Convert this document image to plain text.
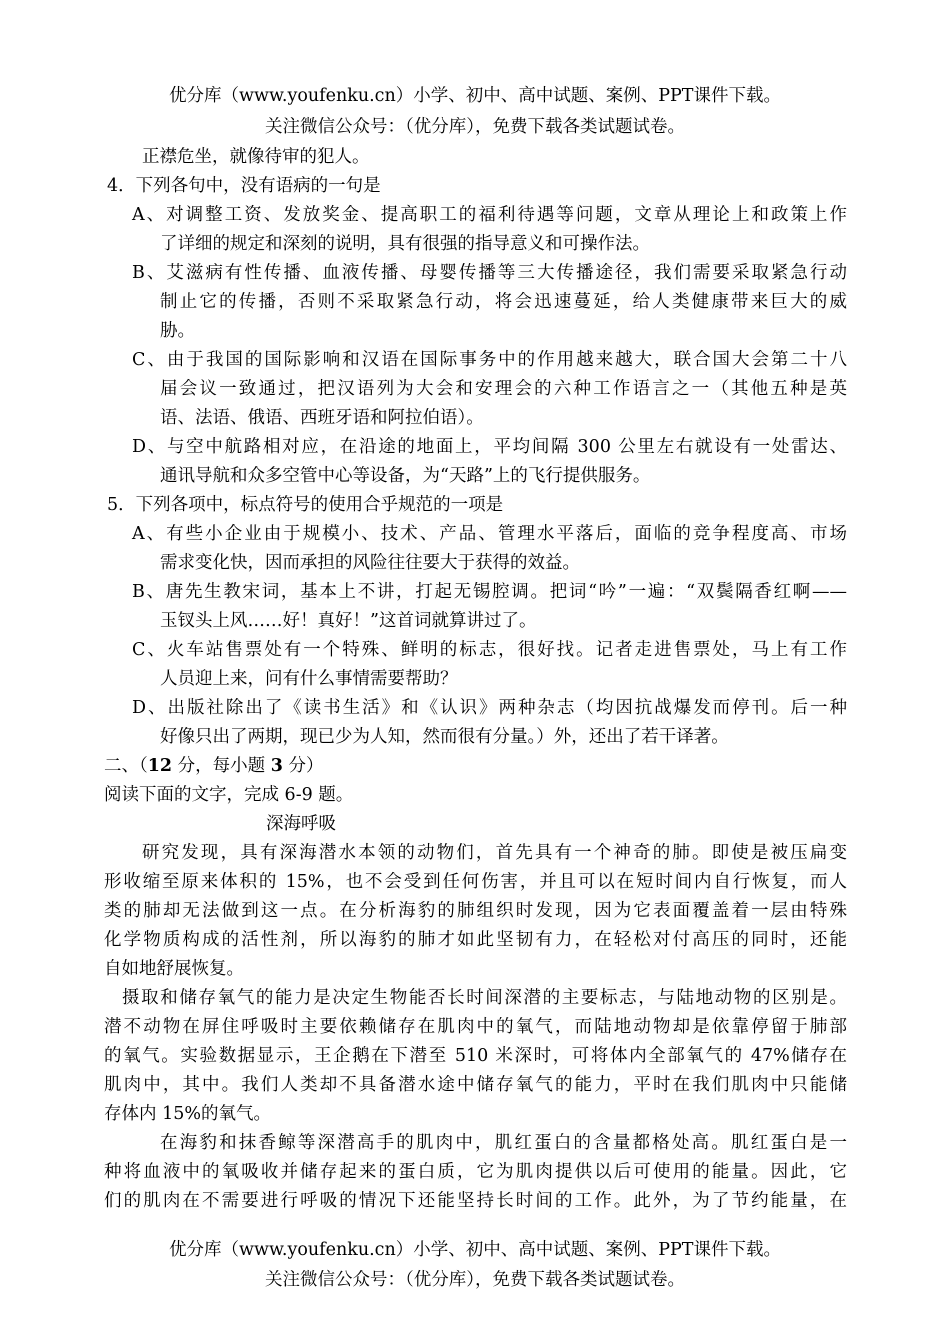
优分库（www.youfenku.cn）小学、初中、高中试题、案例、PPT课件下载。
关注微信公众号：（优分库），免费下载各类试题试卷。
正襟危坐，就像待审的犯人。
4．下列各句中，没有语病的一句是
A、对调整工资、发放奖金、提高职工的福利待遇等问题，文章从理论上和政策上作
了详细的规定和深刻的说明，具有很强的指导意义和可操作法。
B、艾滋病有性传播、血液传播、母婴传播等三大传播途径，我们需要采取紧急行动
制止它的传播，否则不采取紧急行动，将会迅速蔓延，给人类健康带来巨大的威
胁。
C、由于我国的国际影响和汉语在国际事务中的作用越来越大，联合国大会第二十八
届会议一致通过，把汉语列为大会和安理会的六种工作语言之一（其他五种是英
语、法语、俄语、西班牙语和阿拉伯语）。
D、与空中航路相对应，在沿途的地面上，平均间隔 300 公里左右就设有一处雷达、
通讯导航和众多空管中心等设备，为“天路”上的飞行提供服务。
5．下列各项中，标点符号的使用合乎规范的一项是
A、有些小企业由于规模小、技术、产品、管理水平落后，面临的竞争程度高、市场
需求变化快，因而承担的风险往往要大于获得的效益。
B、唐先生教宋词，基本上不讲，打起无锡腔调。把词“吟”一遍：“双鬓隔香红啊——
玉钗头上风……好！真好！”这首词就算讲过了。
C、火车站售票处有一个特殊、鲜明的标志，很好找。记者走进售票处，马上有工作
人员迎上来，问有什么事情需要帮助？
D、出版社除出了《读书生活》和《认识》两种杂志（均因抗战爆发而停刊。后一种
好像只出了两期，现已少为人知，然而很有分量。）外，还出了若干译著。
二、（12 分，每小题 3 分）
阅读下面的文字，完成 6-9 题。
深海呼吸
研究发现，具有深海潜水本领的动物们，首先具有一个神奇的肺。即使是被压扁变
形收缩至原来体积的 15%，也不会受到任何伤害，并且可以在短时间内自行恢复，而人
类的肺却无法做到这一点。在分析海豹的肺组织时发现，因为它表面覆盖着一层由特殊
化学物质构成的活性剂，所以海豹的肺才如此坚韧有力，在轻松对付高压的同时，还能
自如地舒展恢复。
摄取和储存氧气的能力是决定生物能否长时间深潜的主要标志，与陆地动物的区别是。
潜不动物在屏住呼吸时主要依赖储存在肌肉中的氧气，而陆地动物却是依靠停留于肺部
的氧气。实验数据显示，王企鹅在下潜至 510 米深时，可将体内全部氧气的 47%储存在
肌肉中，其中。我们人类却不具备潜水途中储存氧气的能力，平时在我们肌肉中只能储
存体内 15%的氧气。
在海豹和抹香鲸等深潜高手的肌肉中，肌红蛋白的含量都格处高。肌红蛋白是一
种将血液中的氧吸收并储存起来的蛋白质，它为肌肉提供以后可使用的能量。因此，它
们的肌肉在不需要进行呼吸的情况下还能坚持长时间的工作。此外，为了节约能量，在
优分库（www.youfenku.cn）小学、初中、高中试题、案例、PPT课件下载。
关注微信公众号：（优分库），免费下载各类试题试卷。
